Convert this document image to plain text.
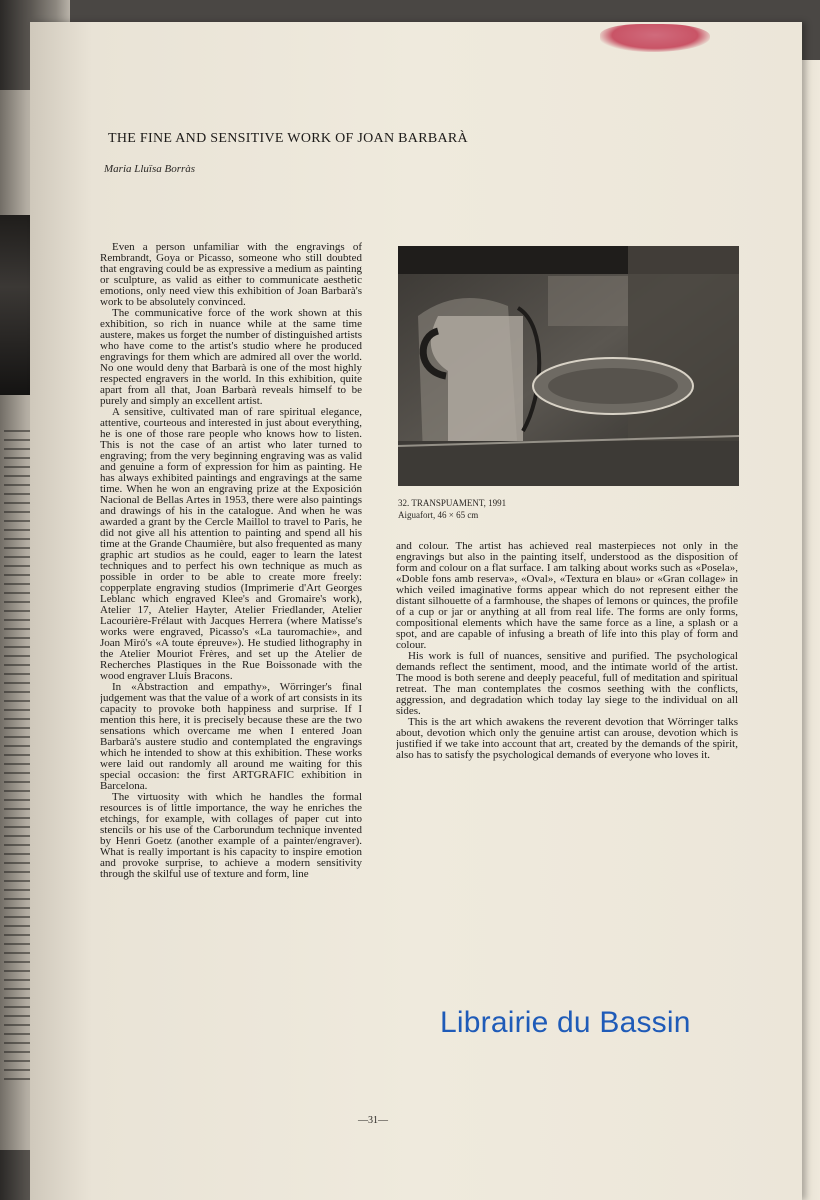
THE FINE AND SENSITIVE WORK OF JOAN BARBARÀ
Maria Lluïsa Borràs

Even a person unfamiliar with the engravings of Rembrandt, Goya or Picasso, someone who still doubted that engraving could be as expressive a medium as painting or sculpture, as valid as either to communicate aesthetic emotions, only need view this exhibition of Joan Barbarà's work to be absolutely convinced.

The communicative force of the work shown at this exhibition, so rich in nuance while at the same time austere, makes us forget the number of distinguished artists who have come to the artist's studio where he produced engravings for them which are admired all over the world. No one would deny that Barbarà is one of the most highly respected engravers in the world. In this exhibition, quite apart from all that, Joan Barbarà reveals himself to be purely and simply an excellent artist.

A sensitive, cultivated man of rare spiritual elegance, attentive, courteous and interested in just about everything, he is one of those rare people who knows how to listen. This is not the case of an artist who later turned to engraving; from the very beginning engraving was as valid and genuine a form of expression for him as painting. He has always exhibited paintings and engravings at the same time. When he won an engraving prize at the Exposición Nacional de Bellas Artes in 1953, there were also paintings and drawings of his in the catalogue. And when he was awarded a grant by the Cercle Maillol to travel to Paris, he did not give all his attention to painting and spend all his time at the Grande Chaumière, but also frequented as many graphic art studios as he could, eager to learn the latest techniques and to perfect his own technique as much as possible in order to be able to create more freely: copperplate engraving studios (Imprimerie d'Art Georges Leblanc which engraved Klee's and Gromaire's work), Atelier 17, Atelier Hayter, Atelier Friedlander, Atelier Lacourière-Frélaut with Jacques Herrera (where Matisse's works were engraved, Picasso's «La tauromachie», and Joan Miró's «A toute épreuve»). He studied lithography in the Atelier Mouriot Frères, and set up the Atelier de Recherches Plastiques in the Rue Boissonade with the wood engraver Lluís Bracons.

In «Abstraction and empathy», Wörringer's final judgement was that the value of a work of art consists in its capacity to provoke both happiness and surprise. If I mention this here, it is precisely because these are the two sensations which overcame me when I entered Joan Barbarà's austere studio and contemplated the engravings which he intended to show at this exhibition. These works were laid out randomly all around me waiting for this special occasion: the first ARTGRAFIC exhibition in Barcelona.

The virtuosity with which he handles the formal resources is of little importance, the way he enriches the etchings, for example, with collages of paper cut into stencils or his use of the Carborundum technique invented by Henri Goetz (another example of a painter/engraver). What is really important is his capacity to inspire emotion and provoke surprise, to achieve a modern sensitivity through the skilful use of texture and form, line

32. TRANSPUAMENT, 1991
Aiguafort, 46 × 65 cm

and colour. The artist has achieved real masterpieces not only in the engravings but also in the painting itself, understood as the disposition of form and colour on a flat surface. I am talking about works such as «Posela», «Doble fons amb reserva», «Oval», «Textura en blau» or «Gran collage» in which veiled imaginative forms appear which do not represent either the distant silhouette of a farmhouse, the shapes of lemons or quinces, the profile of a cup or jar or anything at all from real life. The forms are only forms, compositional elements which have the same force as a line, a splash or a spot, and are capable of infusing a breath of life into this play of form and colour.

His work is full of nuances, sensitive and purified. The psychological demands reflect the sentiment, mood, and the intimate world of the artist. The mood is both serene and deeply peaceful, full of meditation and spiritual retreat. The man contemplates the cosmos seething with the conflicts, aggression, and degradation which today lay siege to the individual on all sides.

This is the art which awakens the reverent devotion that Wörringer talks about, devotion which only the genuine artist can arouse, devotion which is justified if we take into account that art, created by the demands of the spirit, also has to satisfy the psychological demands of everyone who loves it.

—31—
Librairie du Bassin
